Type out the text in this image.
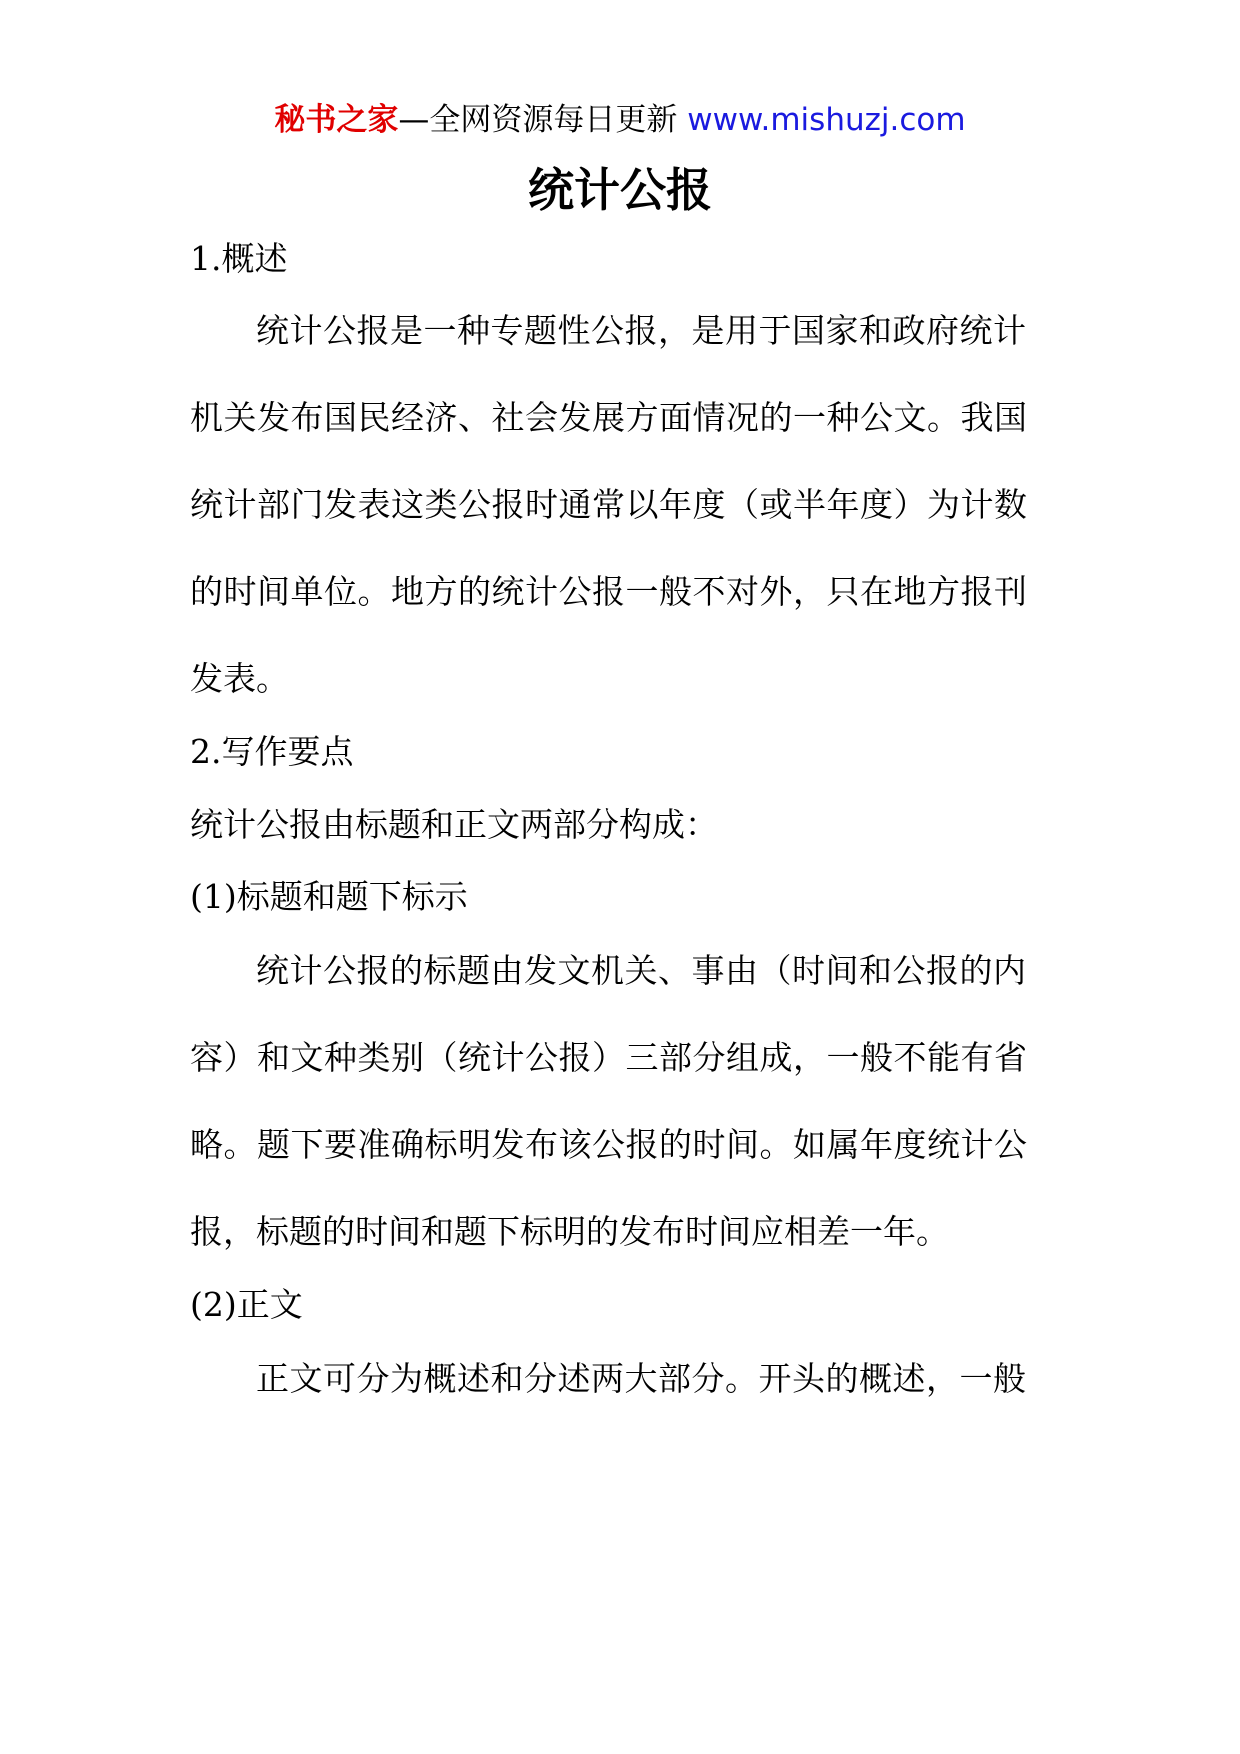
秘书之家—全网资源每日更新 www.mishuzj.com
统计公报
1.概述
统计公报是一种专题性公报，是用于国家和政府统计
机关发布国民经济、社会发展方面情况的一种公文。我国
统计部门发表这类公报时通常以年度（或半年度）为计数
的时间单位。地方的统计公报一般不对外，只在地方报刊
发表。
2.写作要点
统计公报由标题和正文两部分构成：
(1)标题和题下标示
统计公报的标题由发文机关、事由（时间和公报的内
容）和文种类别（统计公报）三部分组成，一般不能有省
略。题下要准确标明发布该公报的时间。如属年度统计公
报，标题的时间和题下标明的发布时间应相差一年。
(2)正文
正文可分为概述和分述两大部分。开头的概述，一般
